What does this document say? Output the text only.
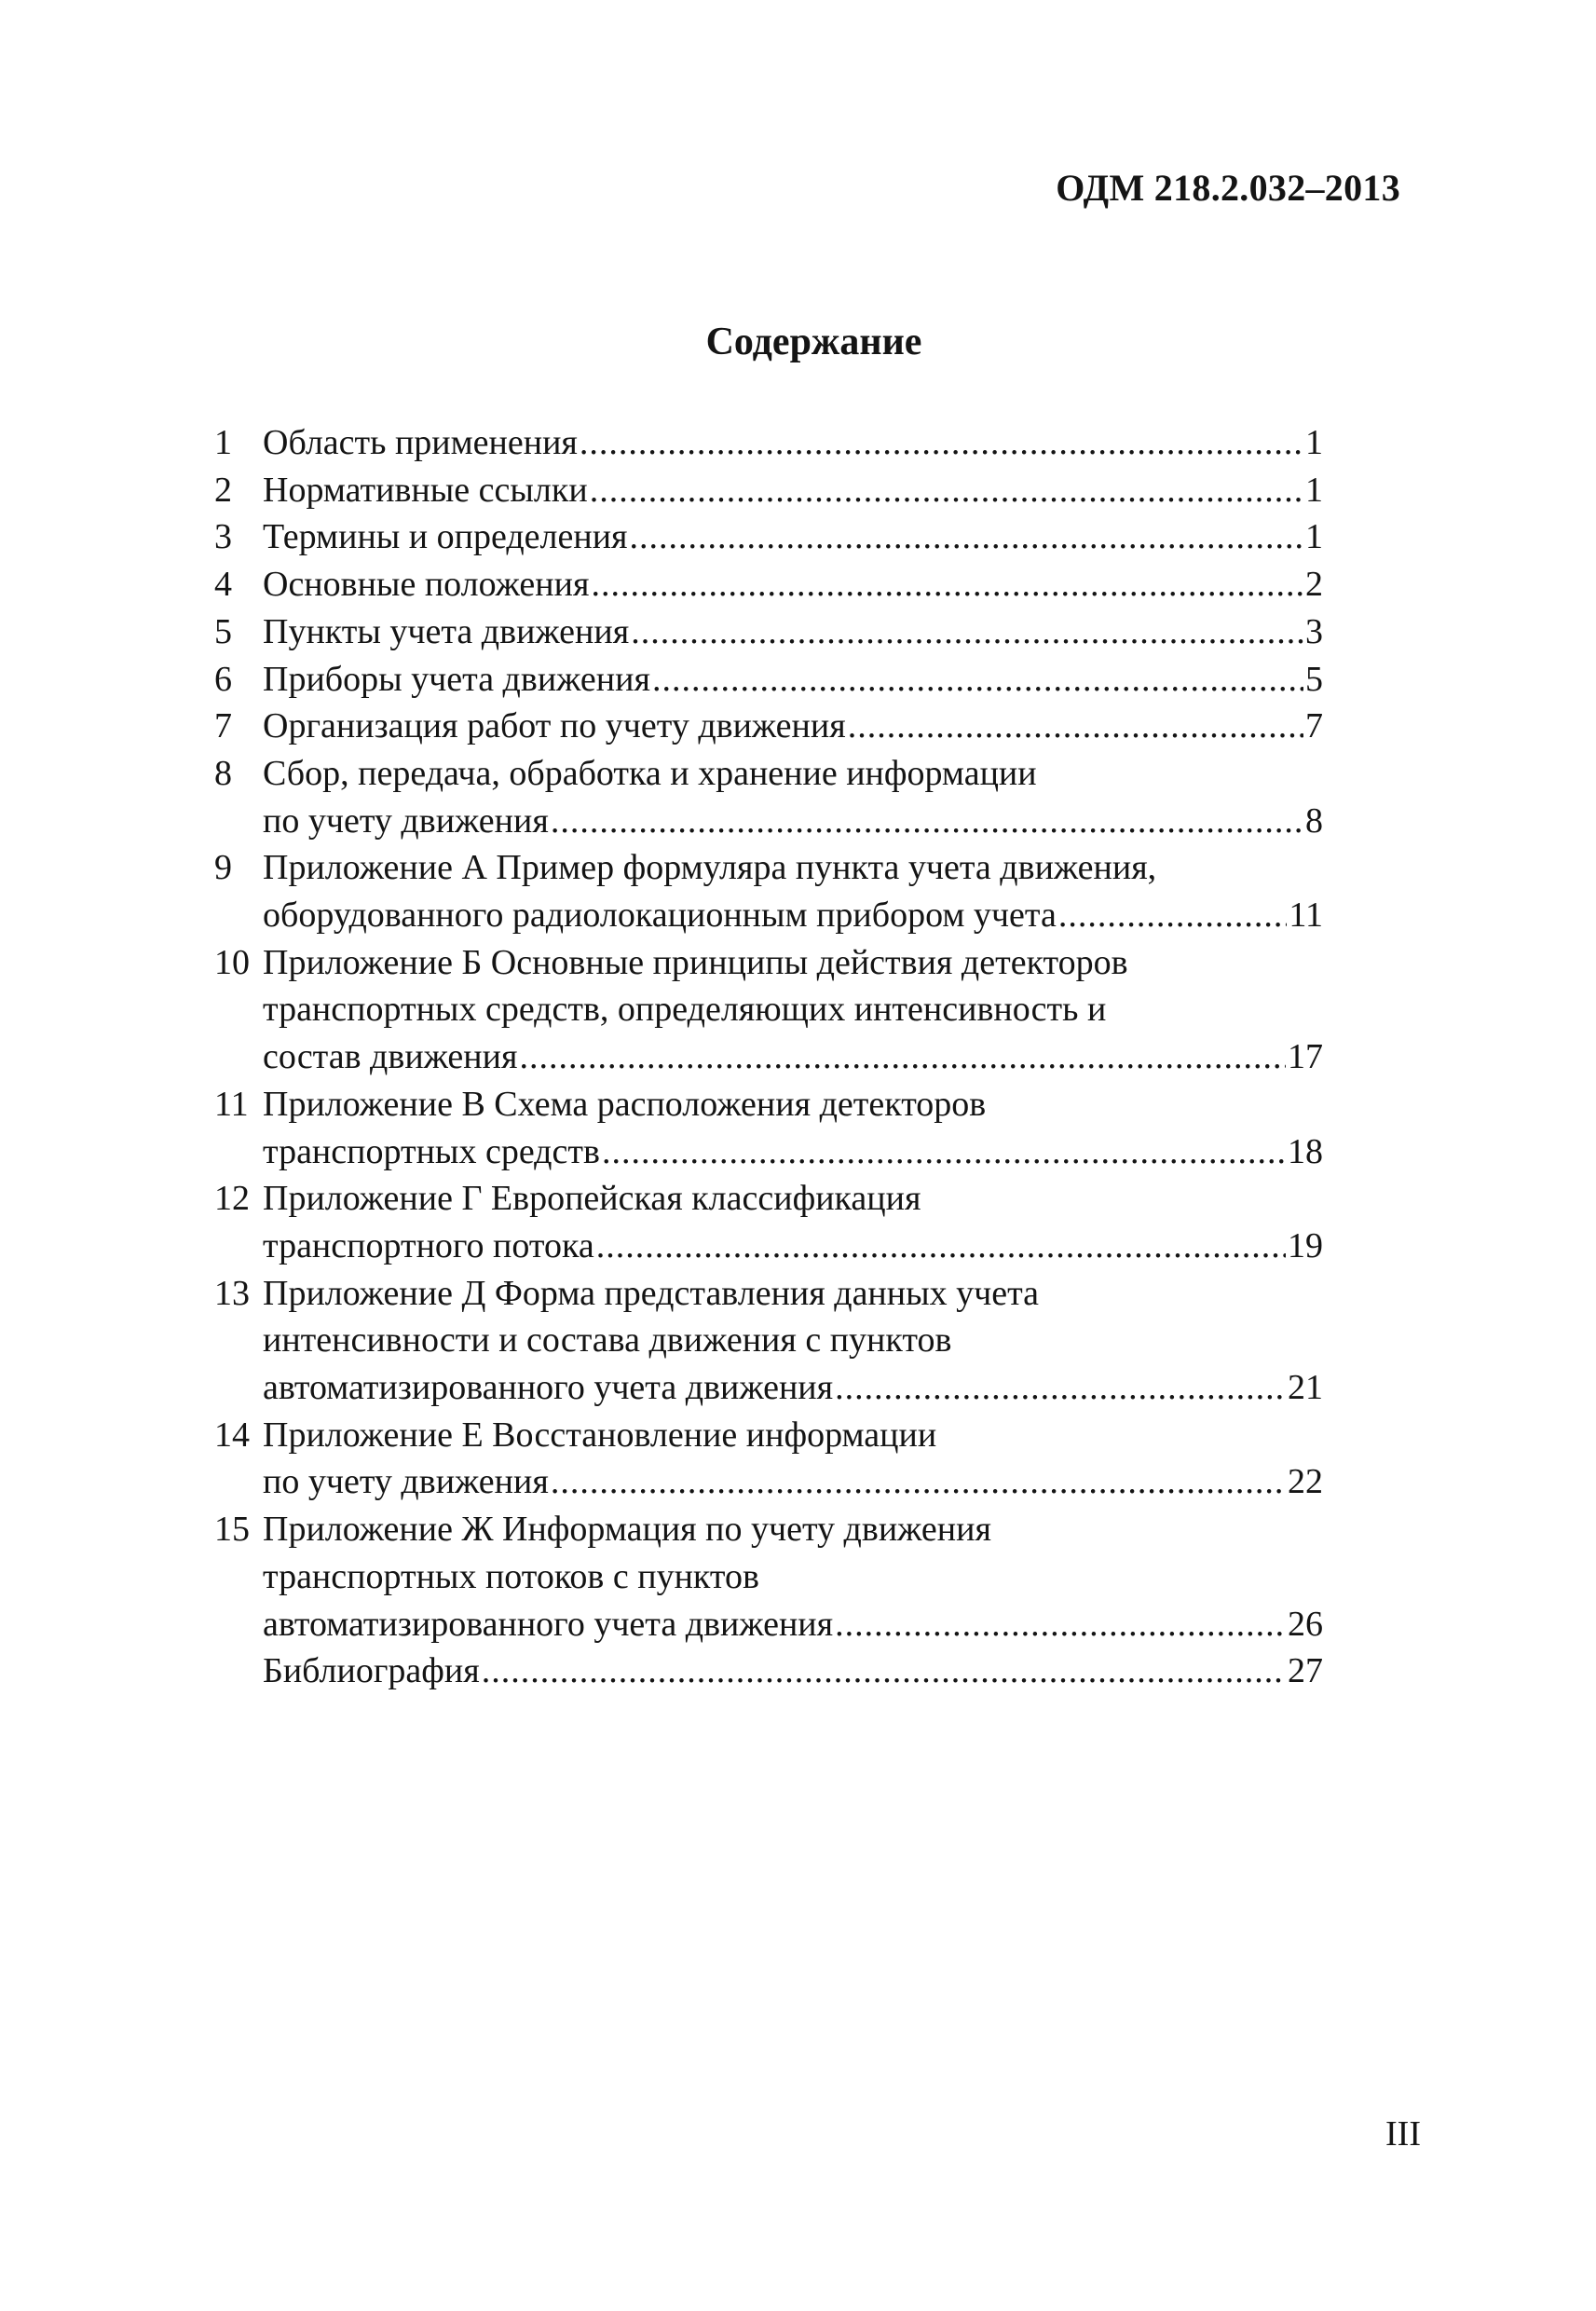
ОДМ 218.2.032–2013
Содержание
1 Область применения .....	1
2 Нормативные ссылки .....	1
3 Термины и определения .....	1
4 Основные положения .....	2
5 Пункты учета движения .....	3
6 Приборы учета движения .....	5
7 Организация работ по учету движения .....	7
8 Сбор, передача, обработка и хранение информации
по учету движения .....	8
9 Приложение А Пример формуляра пункта учета движения,
оборудованного радиолокационным прибором учета .....	11
10 Приложение Б Основные принципы действия детекторов
транспортных средств, определяющих интенсивность и
состав движения .....	17
11 Приложение В Схема расположения детекторов
транспортных средств .....	18
12 Приложение Г Европейская классификация
транспортного потока .....	19
13 Приложение Д Форма представления данных учета
интенсивности и состава движения с пунктов
автоматизированного учета движения .....	21
14 Приложение Е Восстановление информации
по учету движения .....	22
15 Приложение Ж Информация по учету движения
транспортных потоков с пунктов
автоматизированного учета движения .....	26
Библиография .....	27
III
